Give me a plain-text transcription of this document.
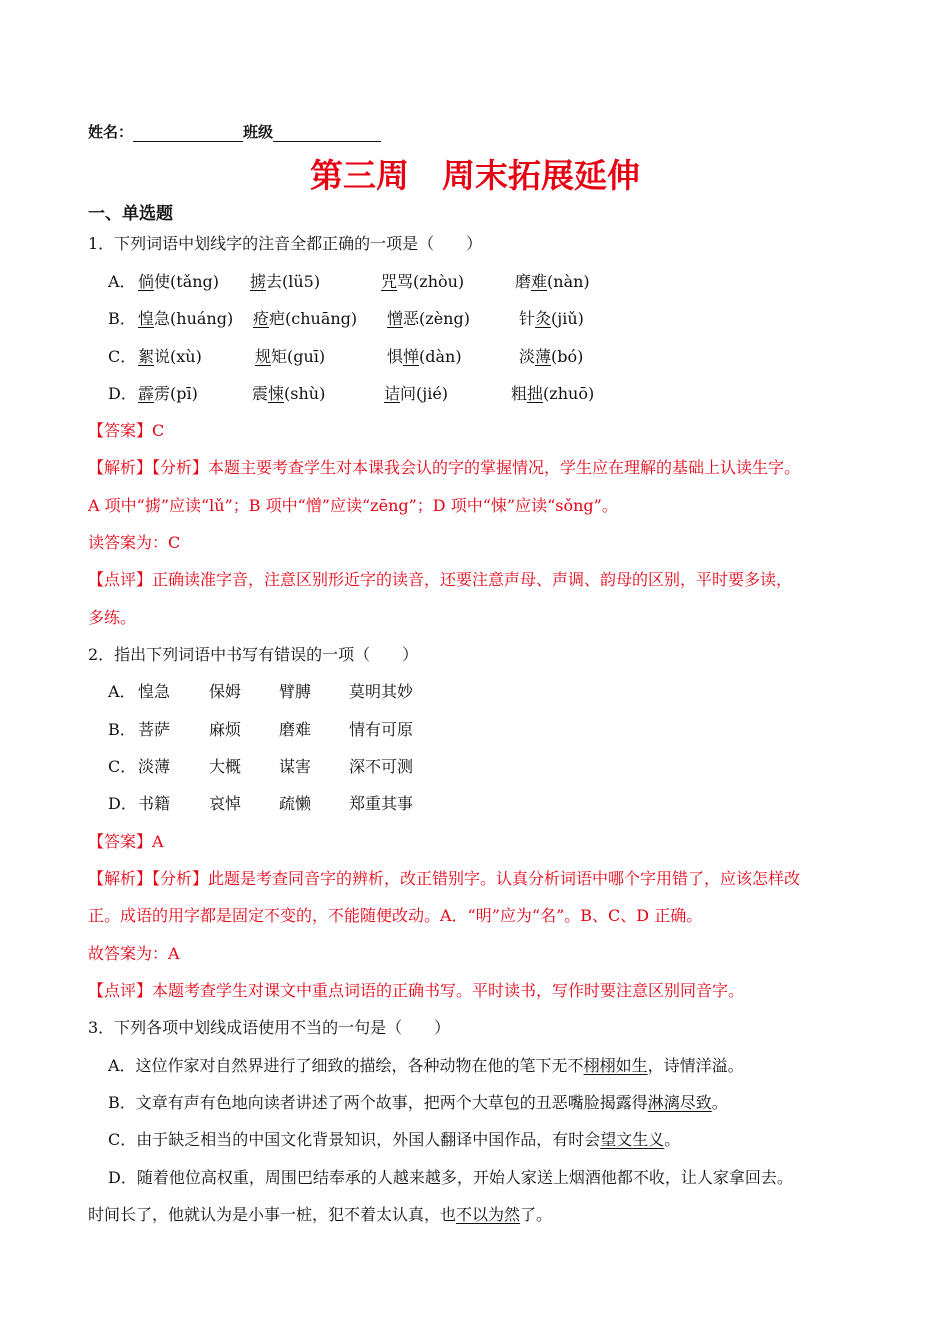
姓名：	班级
第三周　周末拓展延伸
一、单选题
1．下列词语中划线字的注音全都正确的一项是（　　）
A． 倘使(tǎng) 掳去(lü5)	咒骂(zhòu)	磨难(nàn)
B． 惶急(huáng) 疮疤(chuāng) 憎恶(zèng)	针灸(jiǔ)
C． 絮说(xù)	规矩(guī)	惧惮(dàn)	淡薄(bó)
D． 霹雳(pī)	震悚(shù)	诘问(jié)	粗拙(zhuō)
【答案】C
【解析】【分析】本题主要考查学生对本课我会认的字的掌握情况，学生应在理解的基础上认读生字。
A 项中“掳”应读“lǔ”；B 项中“憎”应读“zēng”；D 项中“悚”应读“sǒng”。
读答案为：C
【点评】正确读准字音，注意区别形近字的读音，还要注意声母、声调、韵母的区别，平时要多读，
多练。
2．指出下列词语中书写有错误的一项（　　）
A． 惶急 保姆 臂膊 莫明其妙
B． 菩萨 麻烦 磨难 情有可原
C． 淡薄 大概 谋害 深不可测
D． 书籍 哀悼 疏懒 郑重其事
【答案】A
【解析】【分析】此题是考查同音字的辨析，改正错别字。认真分析词语中哪个字用错了，应该怎样改
正。成语的用字都是固定不变的，不能随便改动。A．“明”应为“名”。B、C、D 正确。
故答案为：A
【点评】本题考查学生对课文中重点词语的正确书写。平时读书，写作时要注意区别同音字。
3．下列各项中划线成语使用不当的一句是（　　）
A．这位作家对自然界进行了细致的描绘，各种动物在他的笔下无不栩栩如生，诗情洋溢。
B．文章有声有色地向读者讲述了两个故事，把两个大草包的丑恶嘴脸揭露得淋漓尽致。
C．由于缺乏相当的中国文化背景知识，外国人翻译中国作品，有时会望文生义。
D．随着他位高权重，周围巴结奉承的人越来越多，开始人家送上烟酒他都不收，让人家拿回去。
时间长了，他就认为是小事一桩，犯不着太认真，也不以为然了。
